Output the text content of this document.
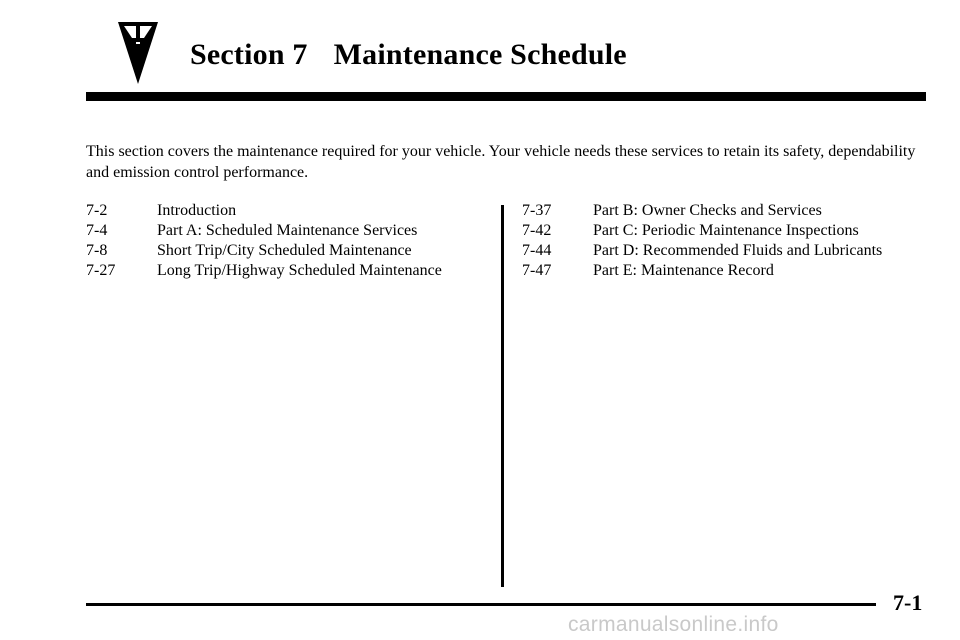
Section 7 Maintenance Schedule

This section covers the maintenance required for your vehicle. Your vehicle needs these services to retain its safety, dependability and emission control performance.

7-2	Introduction
7-4	Part A: Scheduled Maintenance Services
7-8	Short Trip/City Scheduled Maintenance
7-27	Long Trip/Highway Scheduled Maintenance
7-37	Part B: Owner Checks and Services
7-42	Part C: Periodic Maintenance Inspections
7-44	Part D: Recommended Fluids and Lubricants
7-47	Part E: Maintenance Record
7-1
carmanualsonline.info
